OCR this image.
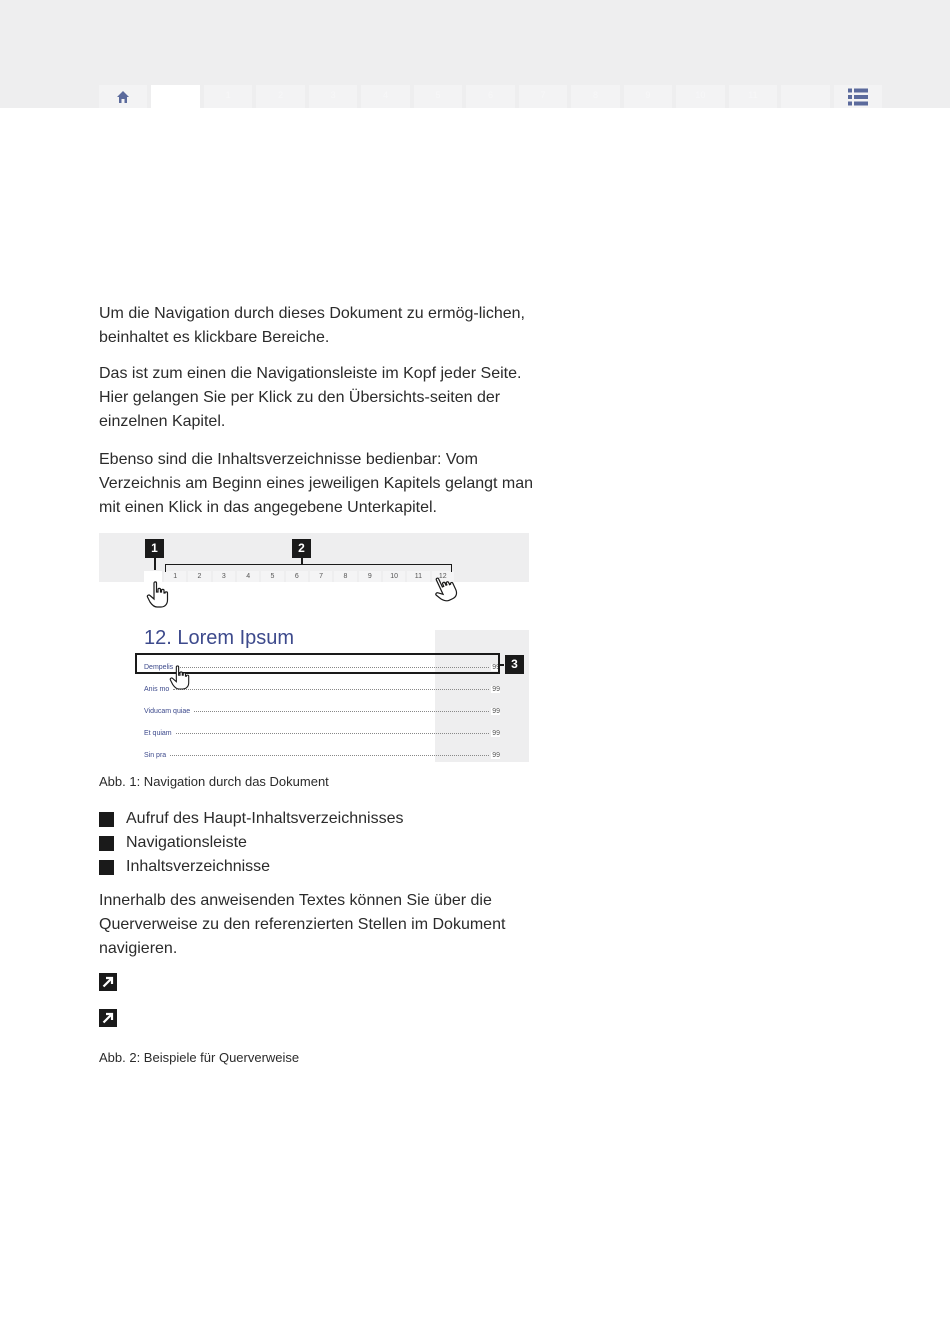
1	2	3	4	5	6	7	8	9	10	11

Um die Navigation durch dieses Dokument zu ermög-lichen, beinhaltet es klickbare Bereiche.

Das ist zum einen die Navigationsleiste im Kopf jeder Seite. Hier gelangen Sie per Klick zu den Übersichts-seiten der einzelnen Kapitel.

Ebenso sind die Inhaltsverzeichnisse bedienbar: Vom Verzeichnis am Beginn eines jeweiligen Kapitels gelangt man mit einen Klick in das angegebene Unterkapitel.

1	2	3	4	5	6	7	8	9	10	11	12
1	2
12. Lorem Ipsum
Dempelis	99
Anis mo	99
Viducam quiae	99
Et quiam	99
Sin pra	99
3
Abb. 1: Navigation durch das Dokument
Aufruf des Haupt-Inhaltsverzeichnisses
Navigationsleiste
Inhaltsverzeichnisse

Innerhalb des anweisenden Textes können Sie über die Querverweise zu den referenzierten Stellen im Dokument navigieren.

Abb. 2: Beispiele für Querverweise
